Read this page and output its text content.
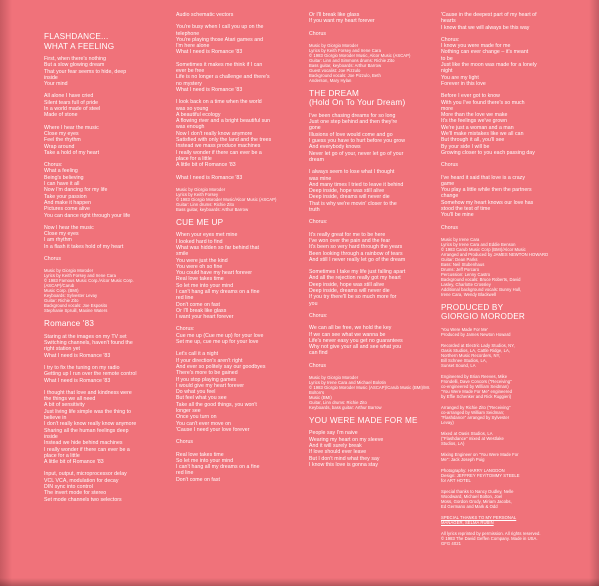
FLASHDANCE...
WHAT A FEELING

First, when there's nothing
But a slow glowing dream
That your fear seems to hide, deep
inside
Your mind

All alone I have cried
Silent tears full of pride
In a world made of steel
Made of stone

Where I hear the music
Close my eyes
Feel the rhythm
Wrap around
Take a hold of my heart

Chorus:
What a feeling
Being's believing
I can have it all
Now I'm dancing for my life
Take your passion
And make it happen
Pictures come alive
You can dance right through your life

Now I hear the music
Close my eyes
I am rhythm
In a flash it takes hold of my heart

Chorus

Music by Giorgio Moroder
Lyrics by Keith Forsey and Irene Cara
© 1983 Famous Music Corp./Alcor Music Corp. (ASCAP)/Carub
Music Corp. (BMI)
Keyboards: Sylvester Levay
Guitar: Richie Zito
Background vocals: Joe Esposito
Stephanie Spruill, Maxine Waters

Romance '83

Staring at the images on my TV set
Switching channels, haven't found the
right station yet
What I need is Romance '83

I try to fix the tuning on my radio
Getting up I run over the remote control
What I need is Romance '83

I thought that love and kindness were
the things we all need
A bit of sensitivity
Just living life simple was the thing to
believe in
I don't really know really know anymore
Sharing all the human feelings deep
inside
Instead we hide behind machines
I really wonder if there can ever be a
place for a little
A little bit of Romance '83

Input, output, microprocessor delay
VCL VCA, modulation for decay
DIN sync into control
The invert mode for stereo
Set mode channels two selectors

Audio schematic vectors

You're busy when I call you up on the
telephone
You're playing those Atari games and
I'm here alone
What I need is Romance '83

Sometimes it makes me think if I can
ever be free
Life is no longer a challenge and there's
no mystery
What I need is Romance '83

I look back on a time when the world
was so young
A beautiful ecology
A flowing river and a bright beautiful sun
was enough
Now I don't really know anymore
Satisfied with only the land and the trees
Instead we mass produce machines
I really wonder if there can ever be a
place for a little
A little bit of Romance '83

What I need is Romance '83

Music by Giorgio Moroder
Lyrics by Keith Forsey
© 1983 Giorgio Moroder Music/Alcor Music (ASCAP)
Guitar: Linn drums: Richie Zito
Bass guitar, keyboards: Arthur Barrow

CUE ME UP

When your eyes met mine
I looked hard to find
What was hidden so far behind that
smile
You were just the kind
You were oh so fine
You could have my heart forever
Real love takes time
So let me into your mind
I can't hang all my dreams on a fine
red line
Don't come on fast
Or I'll break like glass
I want your heart forever

Chorus:
Cue me up (Cue me up) for your love
Set me up, cue me up for your love

Let's call it a night
If your direction's aren't right
And ever so politely say our goodbyes
There's more to be gained
If you stop playing games
I would give my heart forever
Do what you feel
But feel what you see
Take all the good things, you won't
longer see
Once you turn on
You can't ever move on
'Cause I need your love forever

Chorus

Real love takes time
So let me into your mind
I can't hang all my dreams on a fine
red line
Don't come on fast

Or I'll break like glass
If you want my heart forever

Chorus

Music by Giorgio Moroder
Lyrics by Keith Forsey and Irene Cara
© 1983 Giorgio Moroder Music, Alcor Music (ASCAP)
Guitar: Linn and Simmons drums: Richie Zito
Bass guitar, keyboards: Arthur Barrow
Guest vocalist: Joe Pizzulo
Background vocals: Joe Pizzulo, Beth
Anderson, Mary Hylan

THE DREAM
(Hold On To Your Dream)

I've been chasing dreams for so long
Just one step behind and then they're
gone
Illusions of love would come and go
I guess you have to hurt before you grow
And everybody knows
Never let go of your, never let go of your
dream

I always seem to lose what I thought
was mine
And many times I tried to leave it behind
Deep inside, hope was still alive
Deep inside, dreams will never die
That is why we're movin' closer to the
truth

Chorus:

It's really great for me to be here
I've won over the pain and the fear
It's been so very hard through the years
Been looking through a rainbow of tears
And still I never really let go of the dream

Sometimes I take my life just falling apart
And all the rejection really got my heart
Deep inside, hope was still alive
Deep inside, dreams will never die
If you try there'll be so much more for
you

Chorus:

We can all be free, we hold the key
If we can see what we wanna be
Life's never easy you get no guarantees
Why not give your all and see what you
can find

Chorus

Music by Giorgio Moroder
Lyrics by Irene Cara and Michael Bolotin
© 1983 Giorgio Moroder Music (ASCAP)/Carub Music (BMI)/Mr. Bolton's
Music (BMI)
Guitar, Linn drums: Richie Zito
Keyboards, bass guitar: Arthur Barrow

YOU WERE MADE FOR ME

People say I'm naive
Wearing my heart on my sleeve
And it will surely break
If love should ever leave
But I don't mind what they say
I know this love is gonna stay

'Cause in the deepest part of my heart of
hearts
I know that we will always be this way

Chorus:
I know you were made for me
Nothing can ever change – it's meant
to be
Just like the moon was made for a lonely
night
You are my light
Forever in this love

Before I ever got to know
With you I've found there's so much
more
More than the love we make
It's the feelings we've grown
We're just a woman and a man
We'll make mistakes like we all can
But through it all, you'll see
By your side I will be
Growing closer to you each passing day

Chorus

I've heard it said that love is a crazy
game
You play a little while then the partners
change
Somehow my heart knows our love has
stood the test of time
You'll be mine

Chorus

Music by Irene Cara
Lyrics by Irene Cara and Eddie Benson
© 1983 Carub Music Corp (BMI)/Alcor Music
Arranged and Produced by JAMES NEWTON HOWARD
Guitar: Dean Parks
Bass: Neil Stubenhaus
Drums: Jeff Porcaro
Percussion: Lenny Castro
Background vocals: Bruce Roberts, David
Lasley, Charlotte Crossley
Additional background vocals: Bunny Hull,
Irene Cara, Wendy Blackwell

PRODUCED BY
GIORGIO MORODER

'You Were Made For Me'
Produced by James Newton Howard

Recorded at Electric Lady Studios, NY,
Oasis Studios, LA, Cattle Ridge, LA,
Northern Music Recorders, NY,
Bill Schnee Studios, LA,
Sunset Sound, LA

Engineered by Brian Reeves, Mike
Frondelli, Dave Concors ("Receiving"
co-engineered by William Seidman)
"You Were Made For Me" engineered
by Effie Schenker and Rick Ruggieri)

Arranged by Richie Zito ("Receiving"
co-arranged by William Seidman;
"Flashdance" arranged by Sylvester
Levay)

Mixed at Oasis Studios, LA
("Flashdance" mixed at Westlake
Studios, LA)

Mixing Engineer on "You Were Made For
Me": Jack Joseph Puig

Photography: HARRY LANGDON
Design: JEFFREY FEY/TOMMY STEELE
for ART HOTEL

Special thanks to Nancy Dudley, Nelle
Woodward, Michael Bolton, Joel
Moss, Gordon Grody, Miriam Jacobs,
Ed Germano and Mark & Odd

SPECIAL THANKS TO MY PERSONAL
MANAGER, SELMA RUBIN

All lyrics reprinted by permission. All rights reserved.
© 1983 The David Geffen Company. Made in USA.
GFG 4021
